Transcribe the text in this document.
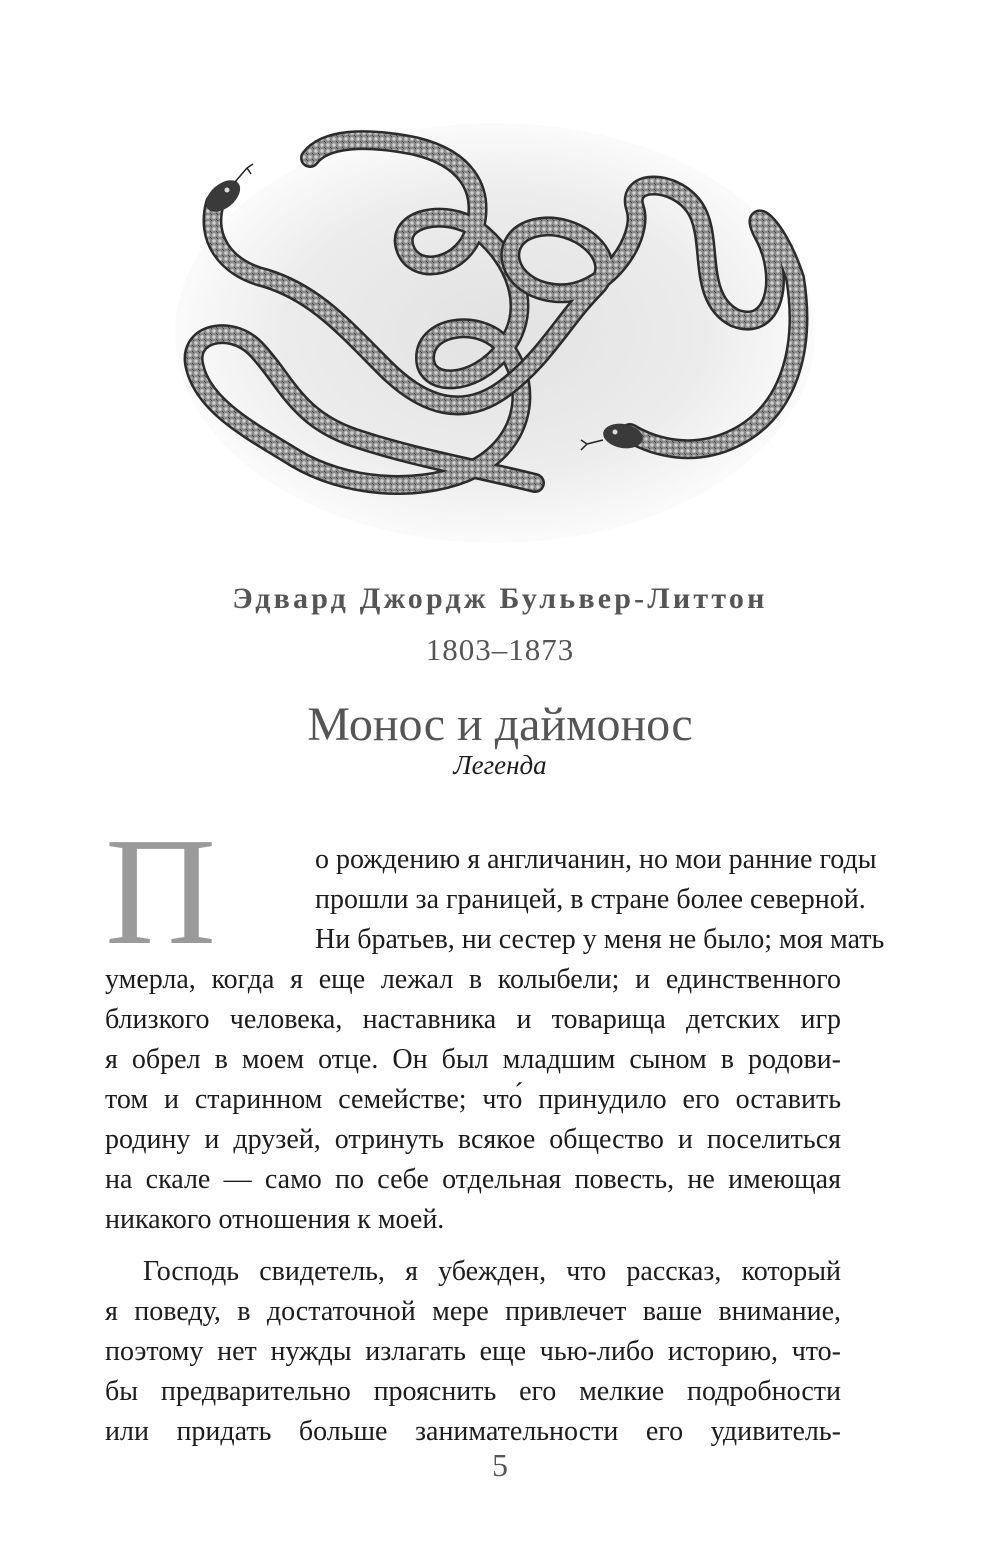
Эдвард Джордж Бульвер-Литтон
1803–1873
Монос и даймонос
Легенда
П	о рождению я англичанин, но мои ранние годы
прошли за границей, в стране более северной.
Ни братьев, ни сестер у меня не было; моя мать
умерла, когда я еще лежал в колыбели; и единственного
близкого человека, наставника и товарища детских игр
я обрел в моем отце. Он был младшим сыном в родови-
том и старинном семействе; что́ принудило его оставить
родину и друзей, отринуть всякое общество и поселиться
на скале — само по себе отдельная повесть, не имеющая
никакого отношения к моей.
Господь свидетель, я убежден, что рассказ, который
я поведу, в достаточной мере привлечет ваше внимание,
поэтому нет нужды излагать еще чью-либо историю, что-
бы предварительно прояснить его мелкие подробности
или придать больше занимательности его удивитель-
5
